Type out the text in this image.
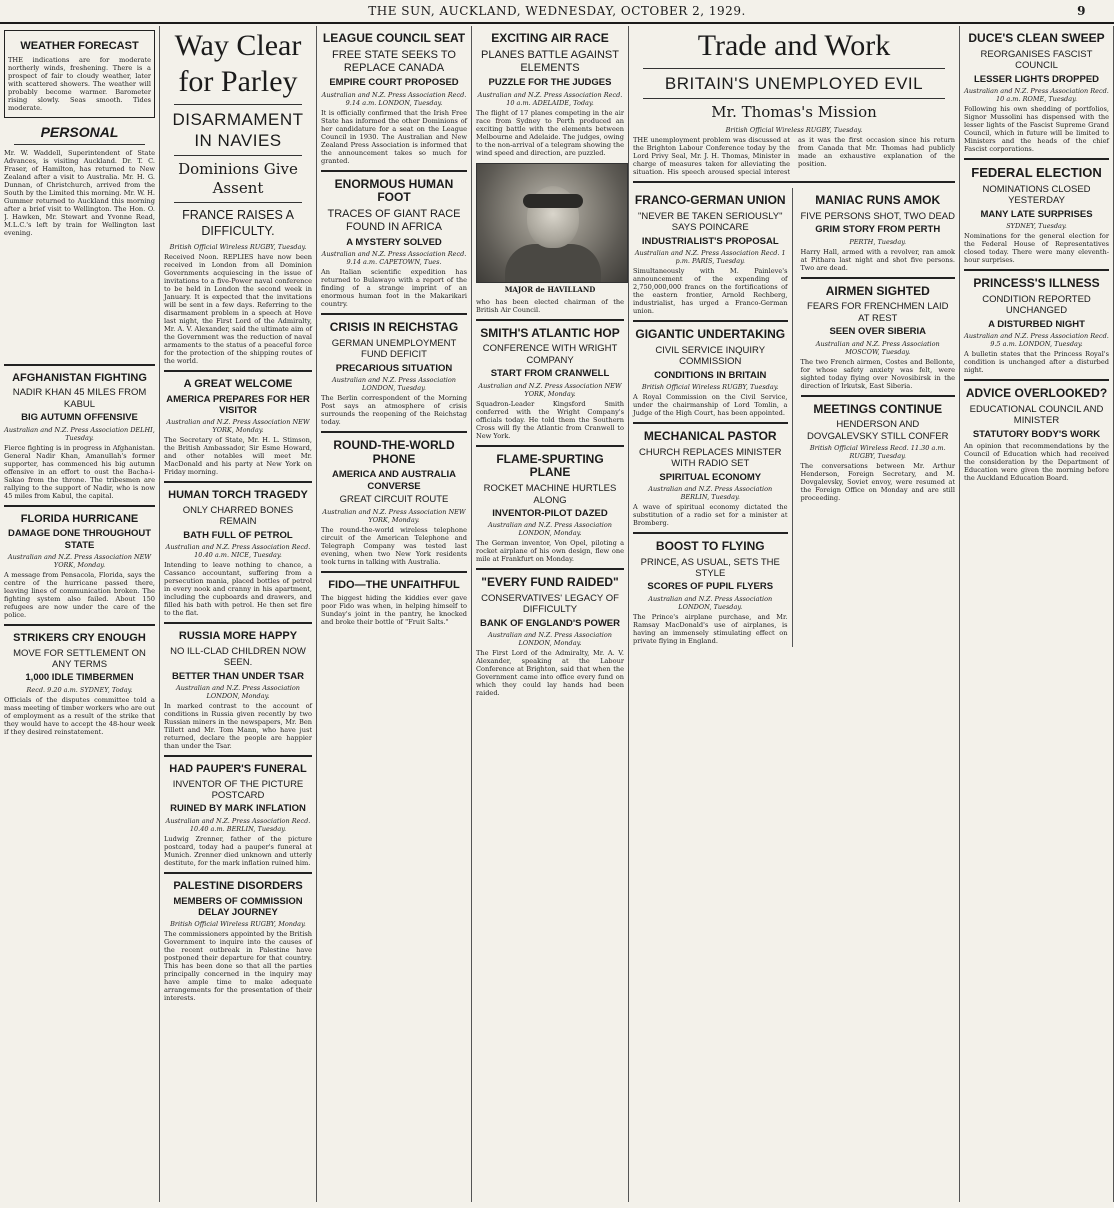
THE SUN, AUCKLAND, WEDNESDAY, OCTOBER 2, 1929.	9
WEATHER FORECAST
THE indications are for moderate northerly winds, freshening. There is a prospect of fair to cloudy weather, later with scattered showers. The weather will probably become warmer. Barometer rising slowly. Seas smooth. Tides moderate.
PERSONAL
Mr. W. Waddell, Superintendent of State Advances, is visiting Auckland. Dr. T. C. Fraser, of Hamilton, has returned to New Zealand after a visit to Australia. Mr. H. G. Dunnan, of Christchurch, arrived from the South by the Limited this morning. Mr. W. H. Gummer returned to Auckland this morning after a brief visit to Wellington. The Hon. O. J. Hawken, Mr. Stewart and Yvonne Read, M.L.C.'s left by train for Wellington last evening.
AFGHANISTAN FIGHTING
NADIR KHAN 45 MILES FROM KABUL
BIG AUTUMN OFFENSIVE
Australian and N.Z. Press Association DELHI, Tuesday.
Fierce fighting is in progress in Afghanistan. General Nadir Khan, Amanullah's former supporter, has commenced his big autumn offensive in an effort to oust the Bacha-i-Sakao from the throne. The tribesmen are rallying to the support of Nadir, who is now 45 miles from Kabul, the capital.
FLORIDA HURRICANE
DAMAGE DONE THROUGHOUT STATE
Australian and N.Z. Press Association NEW YORK, Monday.
A message from Pensacola, Florida, says the centre of the hurricane passed there, leaving lines of communication broken. The fighting system also failed. About 150 refugees are now under the care of the police.
STRIKERS CRY ENOUGH
MOVE FOR SETTLEMENT ON ANY TERMS
1,000 IDLE TIMBERMEN
Recd. 9.20 a.m. SYDNEY, Today.
Officials of the disputes committee told a mass meeting of timber workers who are out of employment as a result of the strike that they would have to accept the 48-hour week if they desired reinstatement.
Way Clear for Parley
DISARMAMENT IN NAVIES
Dominions Give Assent
FRANCE RAISES A DIFFICULTY.
British Official Wireless RUGBY, Tuesday.
Received Noon. REPLIES have now been received in London from all Dominion Governments acquiescing in the issue of invitations to a five-Power naval conference to be held in London the second week in January. It is expected that the invitations will be sent in a few days. Referring to the disarmament problem in a speech at Hove last night, the First Lord of the Admiralty, Mr. A. V. Alexander, said the ultimate aim of the Government was the reduction of naval armaments to the status of a peaceful force for the protection of the shipping routes of the world.
A GREAT WELCOME
AMERICA PREPARES FOR HER VISITOR
Australian and N.Z. Press Association NEW YORK, Monday.
The Secretary of State, Mr. H. L. Stimson, the British Ambassador, Sir Esme Howard, and other notables will meet Mr. MacDonald and his party at New York on Friday morning.
HUMAN TORCH TRAGEDY
ONLY CHARRED BONES REMAIN
BATH FULL OF PETROL
Australian and N.Z. Press Association Recd. 10.40 a.m. NICE, Tuesday.
Intending to leave nothing to chance, a Cassanco accountant, suffering from a persecution mania, placed bottles of petrol in every nook and cranny in his apartment, including the cupboards and drawers, and filled his bath with petrol. He then set fire to the flat.
RUSSIA MORE HAPPY
NO ILL-CLAD CHILDREN NOW SEEN.
BETTER THAN UNDER TSAR
Australian and N.Z. Press Association LONDON, Monday.
In marked contrast to the account of conditions in Russia given recently by two Russian miners in the newspapers, Mr. Ben Tillett and Mr. Tom Mann, who have just returned, declare the people are happier than under the Tsar.
HAD PAUPER'S FUNERAL
INVENTOR OF THE PICTURE POSTCARD
RUINED BY MARK INFLATION
Australian and N.Z. Press Association Recd. 10.40 a.m. BERLIN, Tuesday.
Ludwig Zrenner, father of the picture postcard, today had a pauper's funeral at Munich. Zrenner died unknown and utterly destitute, for the mark inflation ruined him.
PALESTINE DISORDERS
MEMBERS OF COMMISSION DELAY JOURNEY
British Official Wireless RUGBY, Monday.
The commissioners appointed by the British Government to inquire into the causes of the recent outbreak in Palestine have postponed their departure for that country. This has been done so that all the parties principally concerned in the inquiry may have ample time to make adequate arrangements for the presentation of their interests.
LEAGUE COUNCIL SEAT
FREE STATE SEEKS TO REPLACE CANADA
EMPIRE COURT PROPOSED
Australian and N.Z. Press Association Recd. 9.14 a.m. LONDON, Tuesday.
It is officially confirmed that the Irish Free State has informed the other Dominions of her candidature for a seat on the League Council in 1930. The Australian and New Zealand Press Association is informed that the announcement takes so much for granted.
ENORMOUS HUMAN FOOT
TRACES OF GIANT RACE FOUND IN AFRICA
A MYSTERY SOLVED
Australian and N.Z. Press Association Recd. 9.14 a.m. CAPETOWN, Tues.
An Italian scientific expedition has returned to Bulawayo with a report of the finding of a strange imprint of an enormous human foot in the Makarikari country.
CRISIS IN REICHSTAG
GERMAN UNEMPLOYMENT FUND DEFICIT
PRECARIOUS SITUATION
Australian and N.Z. Press Association LONDON, Tuesday.
The Berlin correspondent of the Morning Post says an atmosphere of crisis surrounds the reopening of the Reichstag today.
ROUND-THE-WORLD PHONE
AMERICA AND AUSTRALIA CONVERSE
GREAT CIRCUIT ROUTE
Australian and N.Z. Press Association NEW YORK, Monday.
The round-the-world wireless telephone circuit of the American Telephone and Telegraph Company was tested last evening, when two New York residents took turns in talking with Australia.
FIDO—THE UNFAITHFUL
The biggest hiding the kiddies ever gave poor Fido was when, in helping himself to Sunday's joint in the pantry, he knocked and broke their bottle of "Fruit Salts."
EXCITING AIR RACE
PLANES BATTLE AGAINST ELEMENTS
PUZZLE FOR THE JUDGES
Australian and N.Z. Press Association Recd. 10 a.m. ADELAIDE, Today.
The flight of 17 planes competing in the air race from Sydney to Perth produced an exciting battle with the elements between Melbourne and Adelaide. The judges, owing to the non-arrival of a telegram showing the wind speed and direction, are puzzled.
MAJOR de HAVILLAND
who has been elected chairman of the British Air Council.
SMITH'S ATLANTIC HOP
CONFERENCE WITH WRIGHT COMPANY
START FROM CRANWELL
Australian and N.Z. Press Association NEW YORK, Monday.
Squadron-Leader Kingsford Smith conferred with the Wright Company's officials today. He told them the Southern Cross will fly the Atlantic from Cranwell to New York.
FLAME-SPURTING PLANE
ROCKET MACHINE HURTLES ALONG
INVENTOR-PILOT DAZED
Australian and N.Z. Press Association LONDON, Monday.
The German inventor, Von Opel, piloting a rocket airplane of his own design, flew one mile at Frankfurt on Monday.
"EVERY FUND RAIDED"
CONSERVATIVES' LEGACY OF DIFFICULTY
BANK OF ENGLAND'S POWER
Australian and N.Z. Press Association LONDON, Monday.
The First Lord of the Admiralty, Mr. A. V. Alexander, speaking at the Labour Conference at Brighton, said that when the Government came into office every fund on which they could lay hands had been raided.
Trade and Work
BRITAIN'S UNEMPLOYED EVIL
Mr. Thomas's Mission
British Official Wireless RUGBY, Tuesday.
THE unemployment problem was discussed at the Brighton Labour Conference today by the Lord Privy Seal, Mr. J. H. Thomas, Minister in charge of measures taken for alleviating the situation. His speech aroused special interest as it was the first occasion since his return from Canada that Mr. Thomas had publicly made an exhaustive explanation of the position.
FRANCO-GERMAN UNION
"NEVER BE TAKEN SERIOUSLY" SAYS POINCARE
INDUSTRIALIST'S PROPOSAL
Australian and N.Z. Press Association Recd. 1 p.m. PARIS, Tuesday.
Simultaneously with M. Painleve's announcement of the expending of 2,750,000,000 francs on the fortifications of the eastern frontier, Arnold Rechberg, industrialist, has urged a Franco-German union.
GIGANTIC UNDERTAKING
CIVIL SERVICE INQUIRY COMMISSION
CONDITIONS IN BRITAIN
British Official Wireless RUGBY, Tuesday.
A Royal Commission on the Civil Service, under the chairmanship of Lord Tomlin, a Judge of the High Court, has been appointed.
MECHANICAL PASTOR
CHURCH REPLACES MINISTER WITH RADIO SET
SPIRITUAL ECONOMY
Australian and N.Z. Press Association BERLIN, Tuesday.
A wave of spiritual economy dictated the substitution of a radio set for a minister at Bromberg.
BOOST TO FLYING
PRINCE, AS USUAL, SETS THE STYLE
SCORES OF PUPIL FLYERS
Australian and N.Z. Press Association LONDON, Tuesday.
The Prince's airplane purchase, and Mr. Ramsay MacDonald's use of airplanes, is having an immensely stimulating effect on private flying in England.
MANIAC RUNS AMOK
FIVE PERSONS SHOT, TWO DEAD
GRIM STORY FROM PERTH
PERTH, Tuesday.
Harry Hall, armed with a revolver, ran amok at Pithara last night and shot five persons. Two are dead.
AIRMEN SIGHTED
FEARS FOR FRENCHMEN LAID AT REST
SEEN OVER SIBERIA
Australian and N.Z. Press Association MOSCOW, Tuesday.
The two French airmen, Costes and Bellonte, for whose safety anxiety was felt, were sighted today flying over Novosibirsk in the direction of Irkutsk, East Siberia.
MEETINGS CONTINUE
HENDERSON AND DOVGALEVSKY STILL CONFER
British Official Wireless Recd. 11.30 a.m. RUGBY, Tuesday.
The conversations between Mr. Arthur Henderson, Foreign Secretary, and M. Dovgalevsky, Soviet envoy, were resumed at the Foreign Office on Monday and are still proceeding.
DUCE'S CLEAN SWEEP
REORGANISES FASCIST COUNCIL
LESSER LIGHTS DROPPED
Australian and N.Z. Press Association Recd. 10 a.m. ROME, Tuesday.
Following his own shedding of portfolios, Signor Mussolini has dispensed with the lesser lights of the Fascist Supreme Grand Council, which in future will be limited to Ministers and the heads of the chief Fascist corporations.
FEDERAL ELECTION
NOMINATIONS CLOSED YESTERDAY
MANY LATE SURPRISES
SYDNEY, Tuesday.
Nominations for the general election for the Federal House of Representatives closed today. There were many eleventh-hour surprises.
PRINCESS'S ILLNESS
CONDITION REPORTED UNCHANGED
A DISTURBED NIGHT
Australian and N.Z. Press Association Recd. 9.5 a.m. LONDON, Tuesday.
A bulletin states that the Princess Royal's condition is unchanged after a disturbed night.
ADVICE OVERLOOKED?
EDUCATIONAL COUNCIL AND MINISTER
STATUTORY BODY'S WORK
An opinion that recommendations by the Council of Education which had received the consideration by the Department of Education were given the morning before the Auckland Education Board.
